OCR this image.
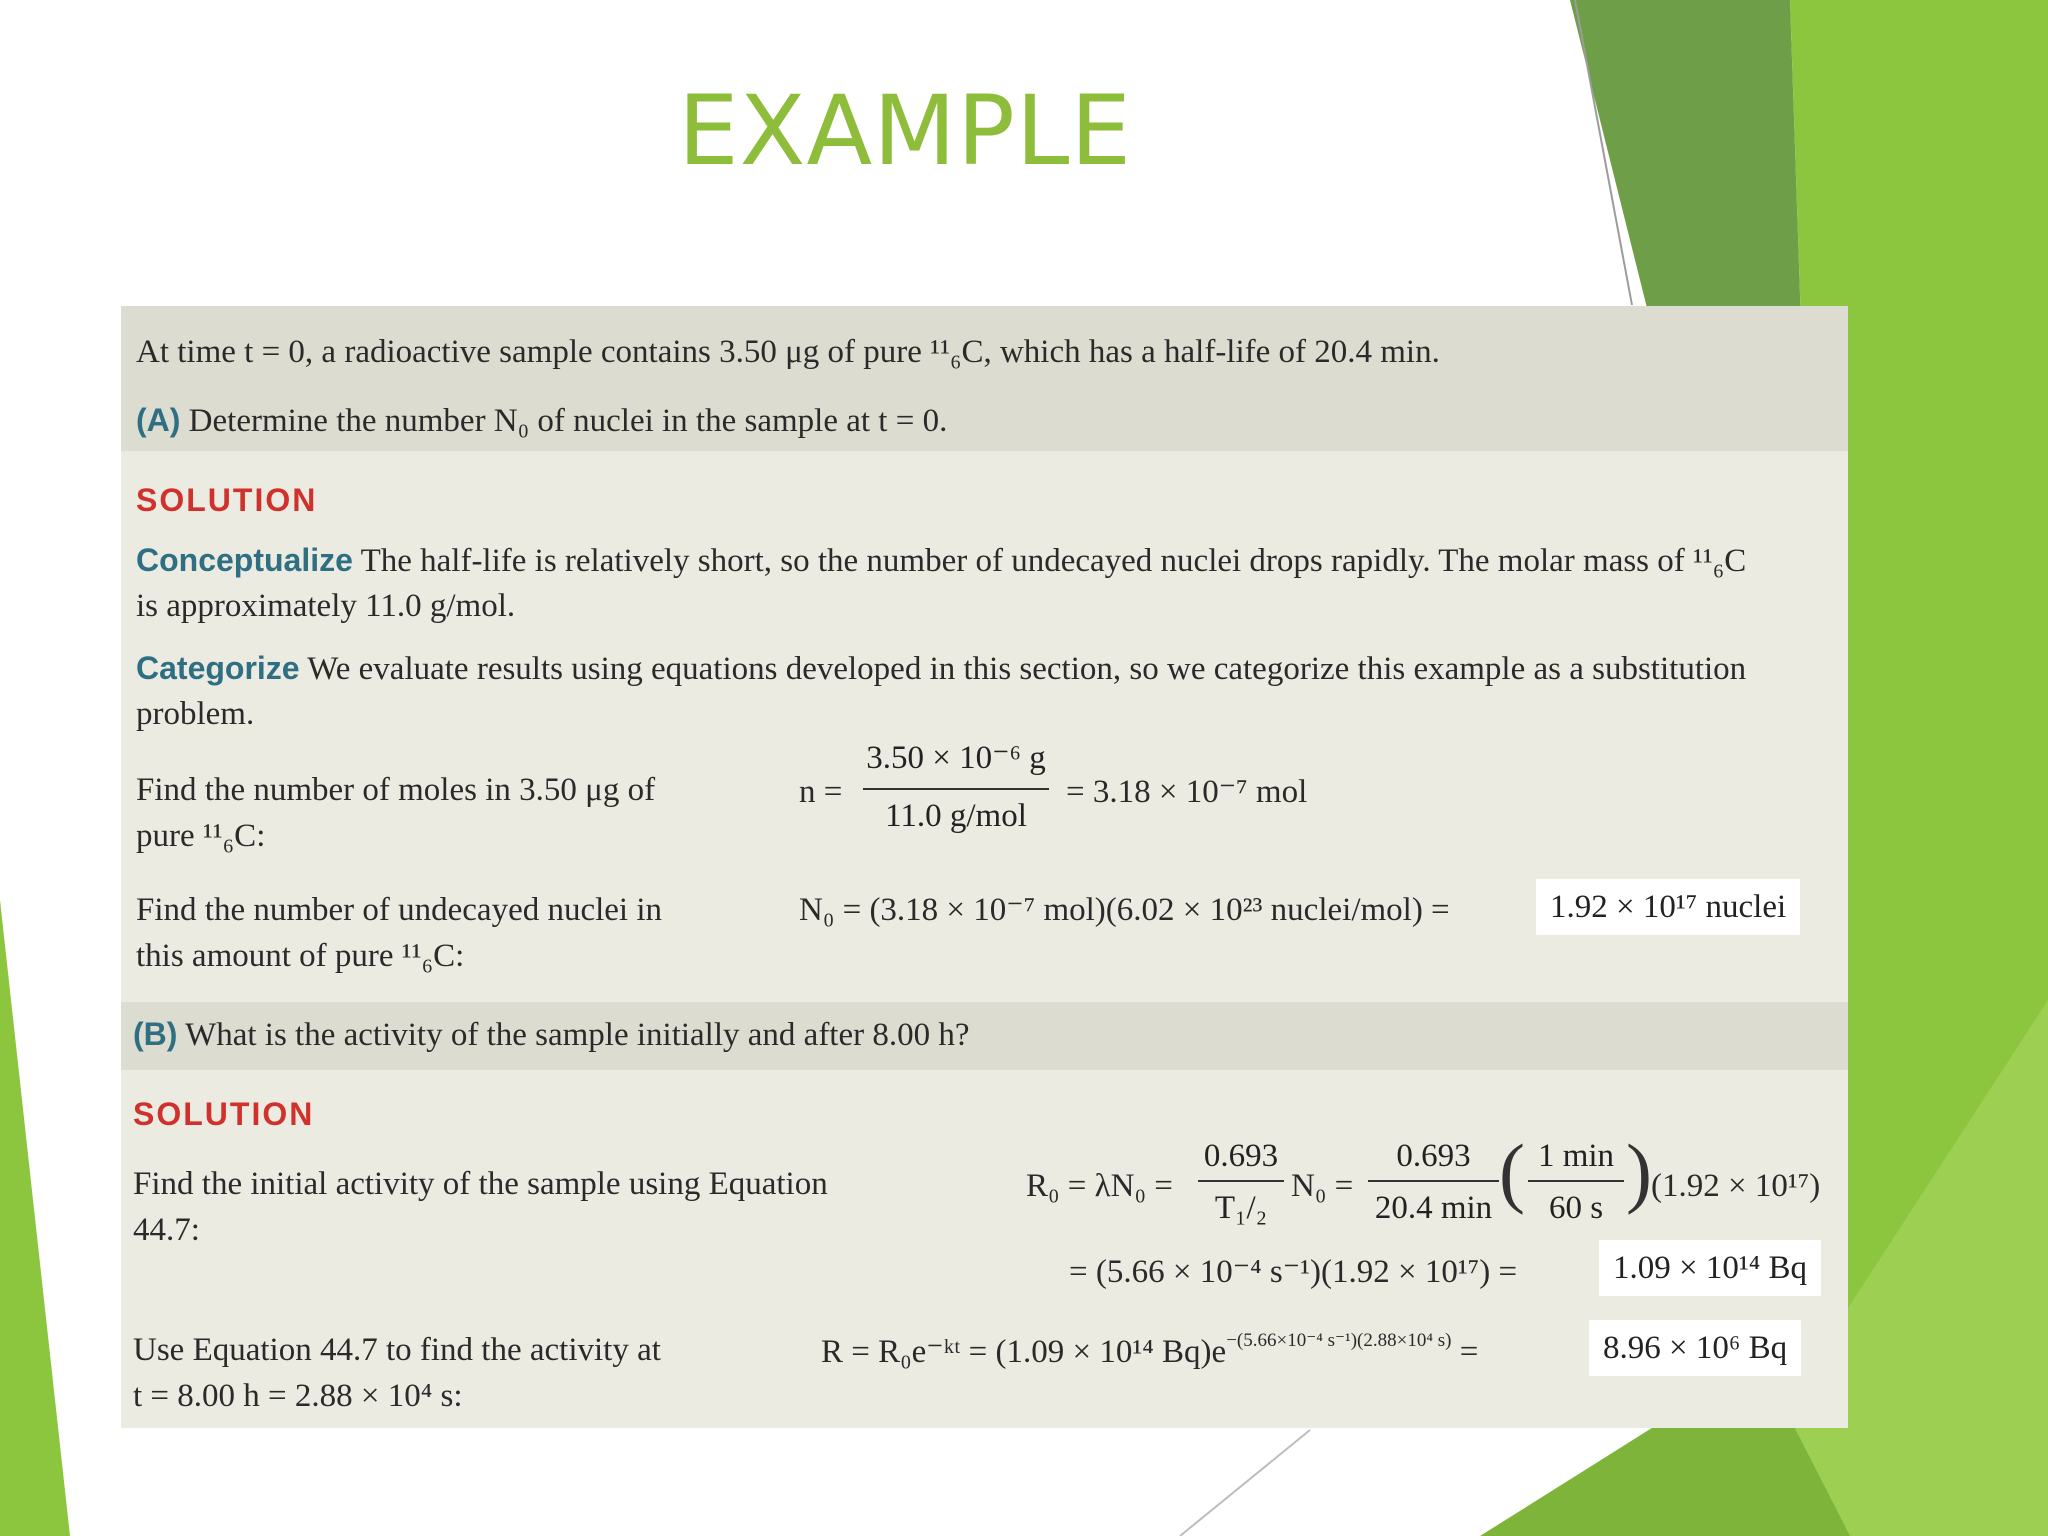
EXAMPLE
At time t = 0, a radioactive sample contains 3.50 μg of pure ¹¹₆C, which has a half-life of 20.4 min.
(A) Determine the number N₀ of nuclei in the sample at t = 0.
SOLUTION
Conceptualize The half-life is relatively short, so the number of undecayed nuclei drops rapidly. The molar mass of ¹¹₆C
is approximately 11.0 g/mol.
Categorize We evaluate results using equations developed in this section, so we categorize this example as a substitution
problem.
Find the number of moles in 3.50 μg of
pure ¹¹₆C:
n =
3.50 × 10⁻⁶ g
11.0 g/mol
= 3.18 × 10⁻⁷ mol
Find the number of undecayed nuclei in
this amount of pure ¹¹₆C:
N₀ = (3.18 × 10⁻⁷ mol)(6.02 × 10²³ nuclei/mol) =	1.92 × 10¹⁷ nuclei
(B) What is the activity of the sample initially and after 8.00 h?
SOLUTION
Find the initial activity of the sample using Equation
44.7:
R₀ = λN₀ =
0.693
T₁/₂
N₀ =
0.693
20.4 min ( 1 min
60 s ) (1.92 × 10¹⁷)
= (5.66 × 10⁻⁴ s⁻¹)(1.92 × 10¹⁷) =	1.09 × 10¹⁴ Bq
Use Equation 44.7 to find the activity at
t = 8.00 h = 2.88 × 10⁴ s:
R = R₀e⁻ᵏᵗ = (1.09 × 10¹⁴ $Bq)e^{-(5.66\times 10^{-4} s^{-1})(2.88\times 10^4 s)}$ =	8.96 × 10⁶ Bq
